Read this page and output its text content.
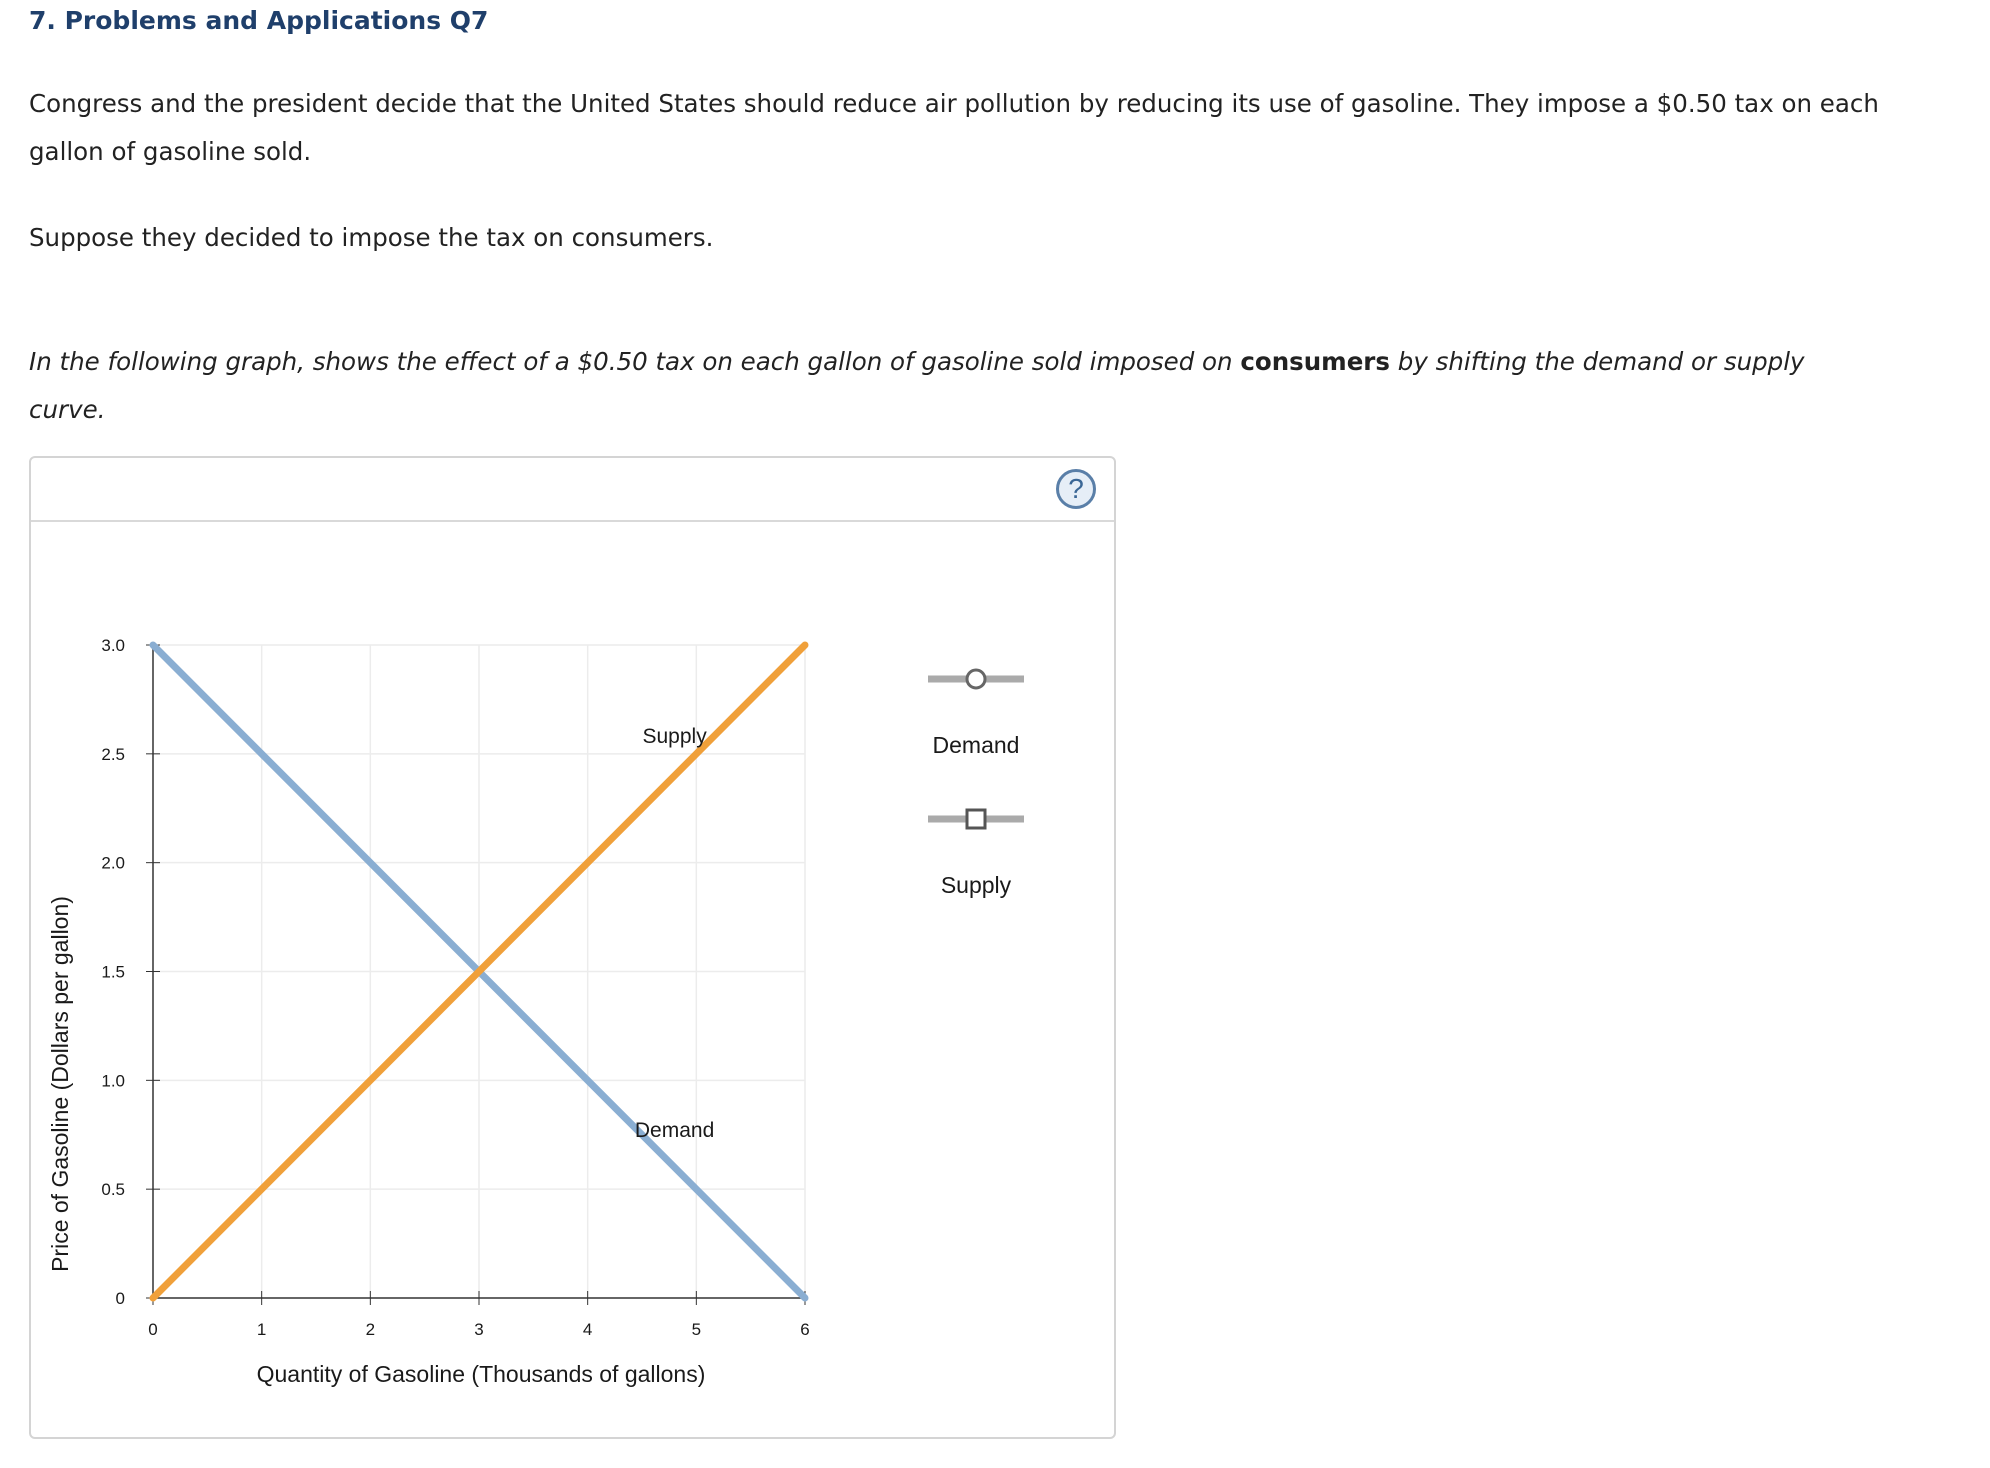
7. Problems and Applications Q7

Congress and the president decide that the United States should reduce air pollution by reducing its use of gasoline. They impose a $0.50 tax on each
gallon of gasoline sold.

Suppose they decided to impose the tax on consumers.

In the following graph, shows the effect of a $0.50 tax on each gallon of gasoline sold imposed on consumers by shifting the demand or supply
curve.

?
0	1	2	3	4	5	6
0
0.5
1.0
1.5
2.0
2.5
3.0
Supply
Demand
Quantity of Gasoline (Thousands of gallons)
Price of Gasoline (Dollars per gallon)
Demand
Supply
